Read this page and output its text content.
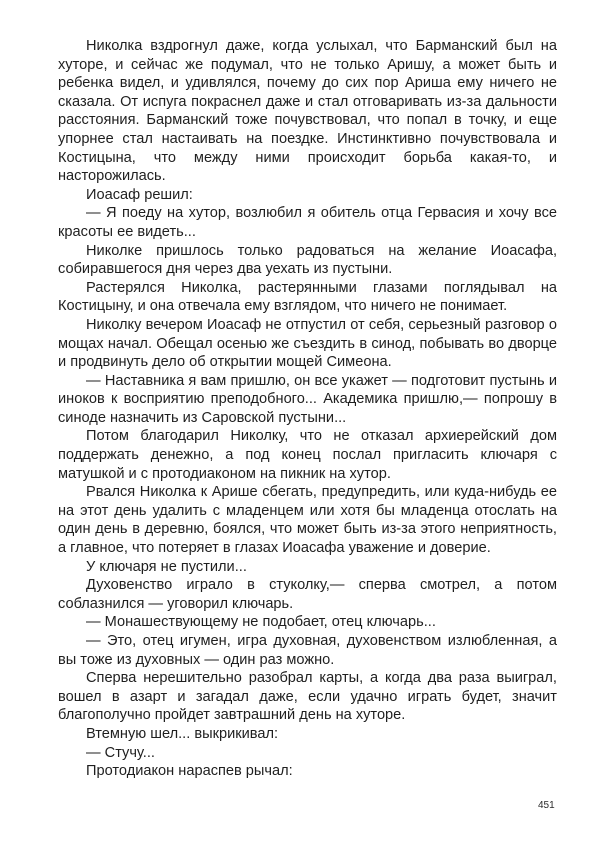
Николка вздрогнул даже, когда услыхал, что Барманский был на хуторе, и сейчас же подумал, что не только Аришу, а может быть и ребенка видел, и удивлялся, почему до сих пор Ариша ему ничего не сказала. От испуга покраснел даже и стал отговаривать из-за дальности расстояния. Барманский тоже почувствовал, что попал в точку, и еще упорнее стал настаивать на поездке. Инстинктивно почувствовала и Костицына, что между ними происходит борьба какая-то, и насторожилась.

Иоасаф решил:

— Я поеду на хутор, возлюбил я обитель отца Гервасия и хочу все красоты ее видеть...

Николке пришлось только радоваться на желание Иоасафа, собиравшегося дня через два уехать из пустыни.

Растерялся Николка, растерянными глазами поглядывал на Костицыну, и она отвечала ему взглядом, что ничего не понимает.

Николку вечером Иоасаф не отпустил от себя, серьезный разговор о мощах начал. Обещал осенью же съездить в синод, побывать во дворце и продвинуть дело об открытии мощей Симеона.

— Наставника я вам пришлю, он все укажет — подготовит пустынь и иноков к восприятию преподобного... Академика пришлю,— попрошу в синоде назначить из Саровской пустыни...

Потом благодарил Николку, что не отказал архиерейский дом поддержать денежно, а под конец послал пригласить ключаря с матушкой и с протодиаконом на пикник на хутор.

Рвался Николка к Арише сбегать, предупредить, или куда-нибудь ее на этот день удалить с младенцем или хотя бы младенца отослать на один день в деревню, боялся, что может быть из-за этого неприятность, а главное, что потеряет в глазах Иоасафа уважение и доверие.

У ключаря не пустили...

Духовенство играло в стуколку,— сперва смотрел, а потом соблазнился — уговорил ключарь.

— Монашествующему не подобает, отец ключарь...

— Это, отец игумен, игра духовная, духовенством излюбленная, а вы тоже из духовных — один раз можно.

Сперва нерешительно разобрал карты, а когда два раза выиграл, вошел в азарт и загадал даже, если удачно играть будет, значит благополучно пройдет завтрашний день на хуторе.

Втемную шел... выкрикивал:

— Стучу...

Протодиакон нараспев рычал:

451
